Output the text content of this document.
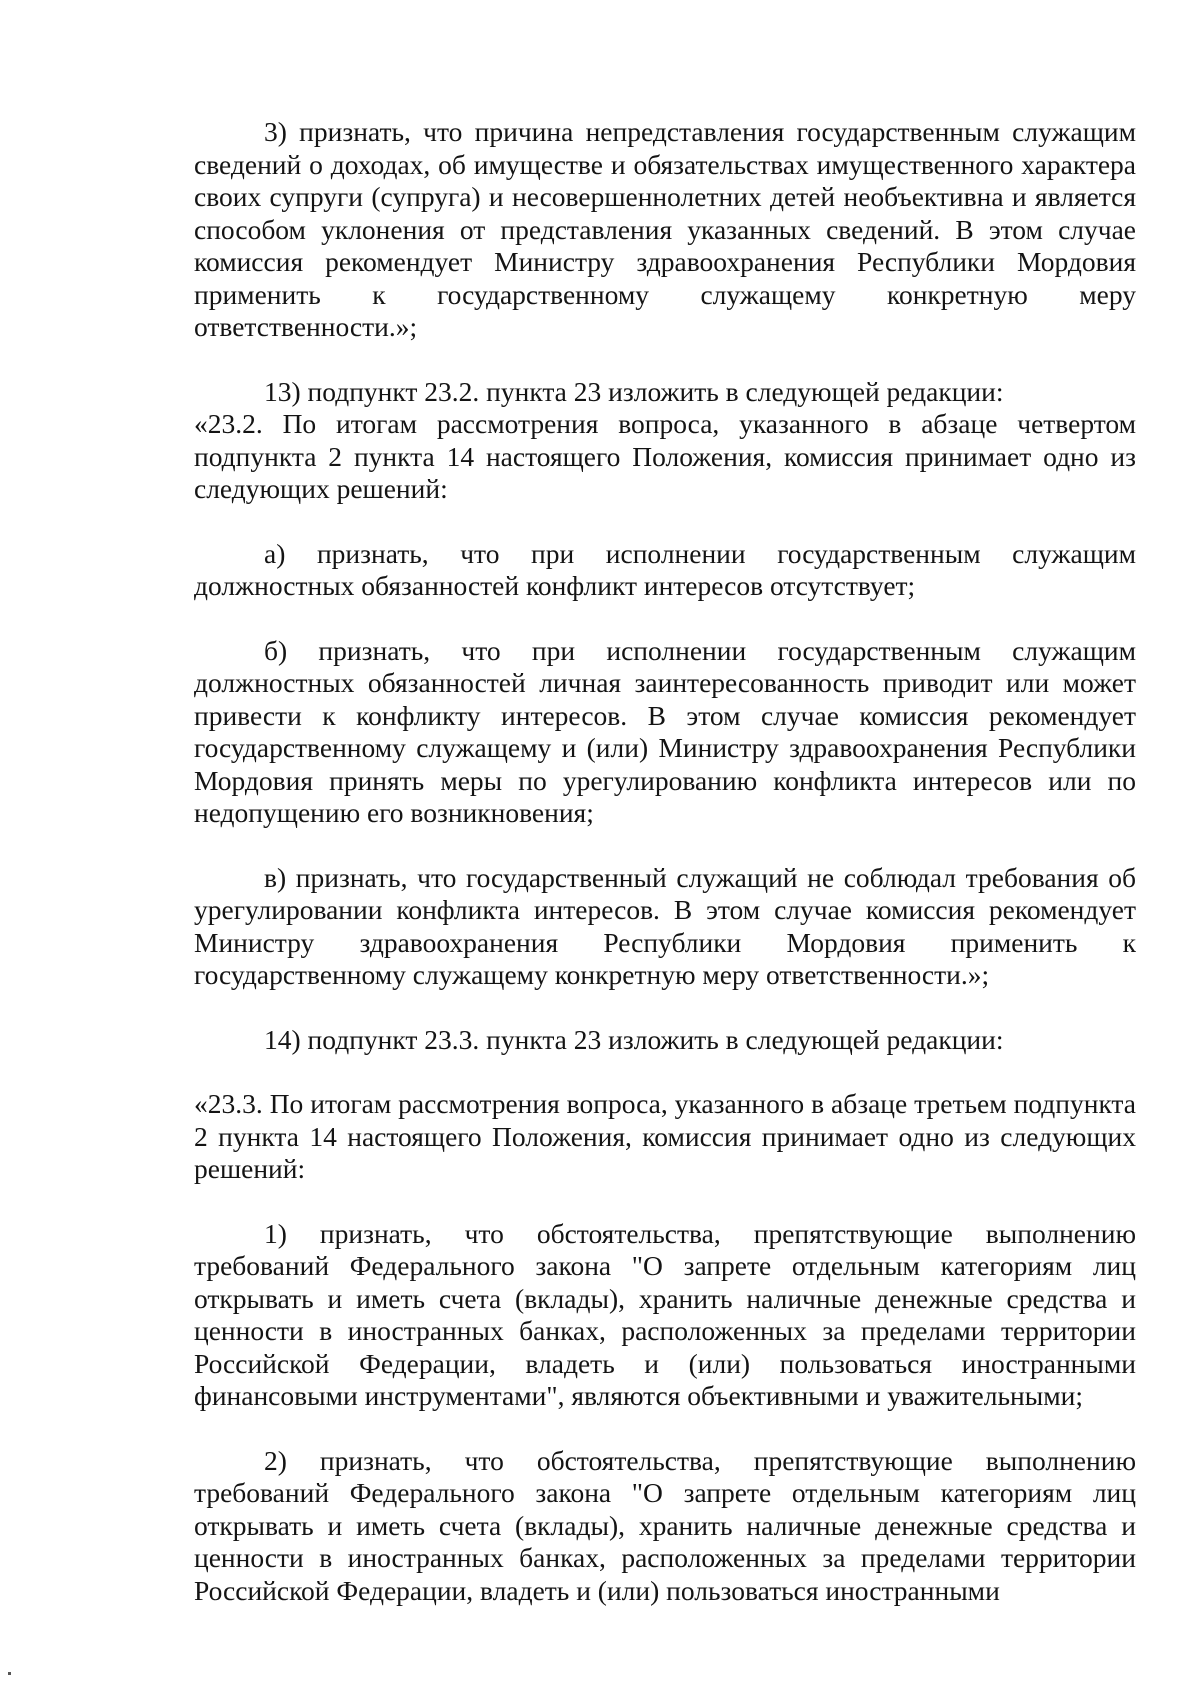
3) признать, что причина непредставления государственным служащим сведений о доходах, об имуществе и обязательствах имущественного характера своих супруги (супруга) и несовершеннолетних детей необъективна и является способом уклонения от представления указанных сведений. В этом случае комиссия рекомендует Министру здравоохранения Республики Мордовия применить к государственному служащему конкретную меру ответственности.»;

13) подпункт 23.2. пункта 23 изложить в следующей редакции:

«23.2. По итогам рассмотрения вопроса, указанного в абзаце четвертом подпункта 2 пункта 14 настоящего Положения, комиссия принимает одно из следующих решений:

а) признать, что при исполнении государственным служащим должностных обязанностей конфликт интересов отсутствует;

б) признать, что при исполнении государственным служащим должностных обязанностей личная заинтересованность приводит или может привести к конфликту интересов. В этом случае комиссия рекомендует государственному служащему и (или) Министру здравоохранения Республики Мордовия принять меры по урегулированию конфликта интересов или по недопущению его возникновения;

в) признать, что государственный служащий не соблюдал требования об урегулировании конфликта интересов. В этом случае комиссия рекомендует Министру здравоохранения Республики Мордовия применить к государственному служащему конкретную меру ответственности.»;

14) подпункт 23.3. пункта 23 изложить в следующей редакции:

«23.3. По итогам рассмотрения вопроса, указанного в абзаце третьем подпункта 2 пункта 14 настоящего Положения, комиссия принимает одно из следующих решений:

1) признать, что обстоятельства, препятствующие выполнению требований Федерального закона "О запрете отдельным категориям лиц открывать и иметь счета (вклады), хранить наличные денежные средства и ценности в иностранных банках, расположенных за пределами территории Российской Федерации, владеть и (или) пользоваться иностранными финансовыми инструментами", являются объективными и уважительными;

2) признать, что обстоятельства, препятствующие выполнению требований Федерального закона "О запрете отдельным категориям лиц открывать и иметь счета (вклады), хранить наличные денежные средства и ценности в иностранных банках, расположенных за пределами территории Российской Федерации, владеть и (или) пользоваться иностранными
